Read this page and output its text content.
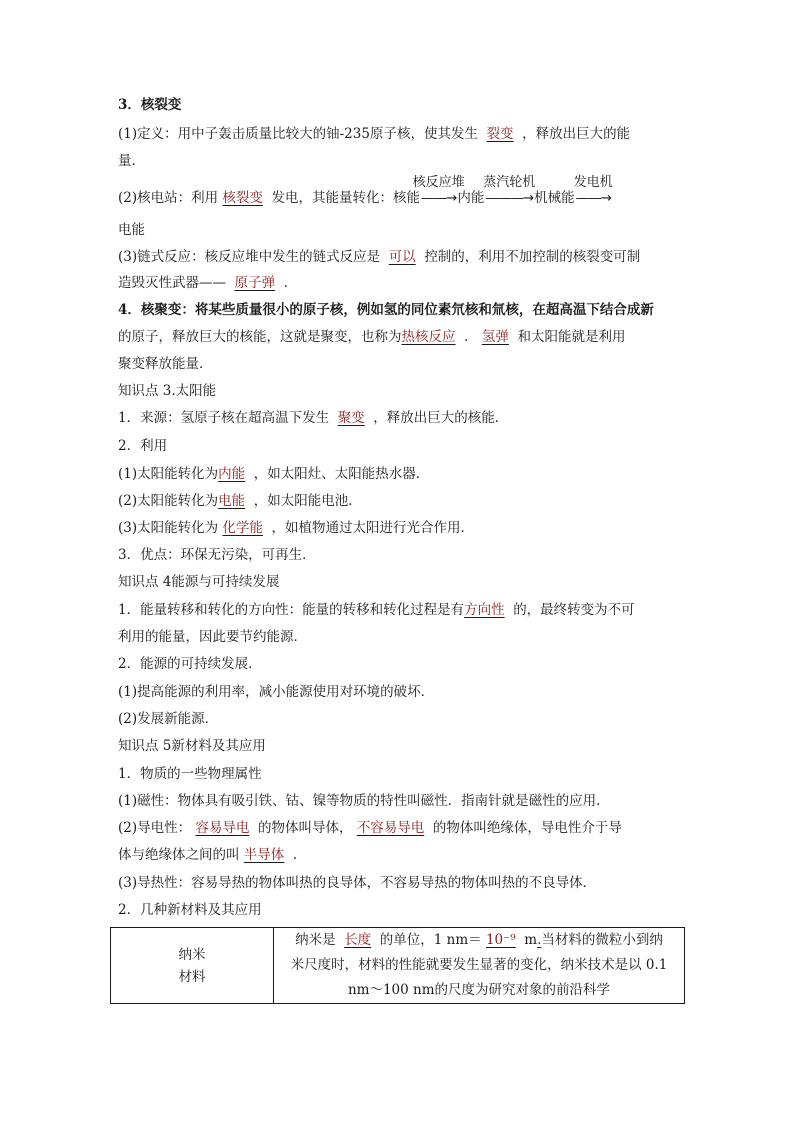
3．核裂变
(1)定义：用中子轰击质量比较大的铀-235原子核，使其发生 裂变 ，释放出巨大的能
量．
(2)核电站：利用 核裂变 发电，其能量转化：核能
核反应堆
——→内能
蒸汽轮机
———→机械能
发电机
——→
电能
(3)链式反应：核反应堆中发生的链式反应是 可以 控制的，利用不加控制的核裂变可制
造毁灭性武器—— 原子弹 ．
4．核聚变：将某些质量很小的原子核，例如氢的同位素氘核和氚核，在超高温下结合成新
的原子，释放巨大的核能，这就是聚变，也称为热核反应 ． 氢弹 和太阳能就是利用
聚变释放能量．
知识点 3.太阳能
1．来源：氢原子核在超高温下发生 聚变 ，释放出巨大的核能．
2．利用
(1)太阳能转化为内能 ，如太阳灶、太阳能热水器．
(2)太阳能转化为电能 ，如太阳能电池．
(3)太阳能转化为 化学能 ，如植物通过太阳进行光合作用．
3．优点：环保无污染，可再生．
知识点 4能源与可持续发展
1．能量转移和转化的方向性：能量的转移和转化过程是有方向性 的，最终转变为不可
利用的能量，因此要节约能源．
2．能源的可持续发展．
(1)提高能源的利用率，减小能源使用对环境的破坏．
(2)发展新能源．
知识点 5新材料及其应用
1．物质的一些物理属性
(1)磁性：物体具有吸引铁、钴、镍等物质的特性叫磁性．指南针就是磁性的应用．
(2)导电性： 容易导电 的物体叫导体， 不容易导电 的物体叫绝缘体，导电性介于导
体与绝缘体之间的叫 半导体 ．
(3)导热性：容易导热的物体叫热的良导体，不容易导热的物体叫热的不良导体．
2．几种新材料及其应用
纳米
材料

纳米是 长度 的单位，1 nm＝ 10⁻⁹ m.当材料的微粒小到纳
米尺度时，材料的性能就要发生显著的变化，纳米技术是以 0.1
nm～100 nm的尺度为研究对象的前沿科学
